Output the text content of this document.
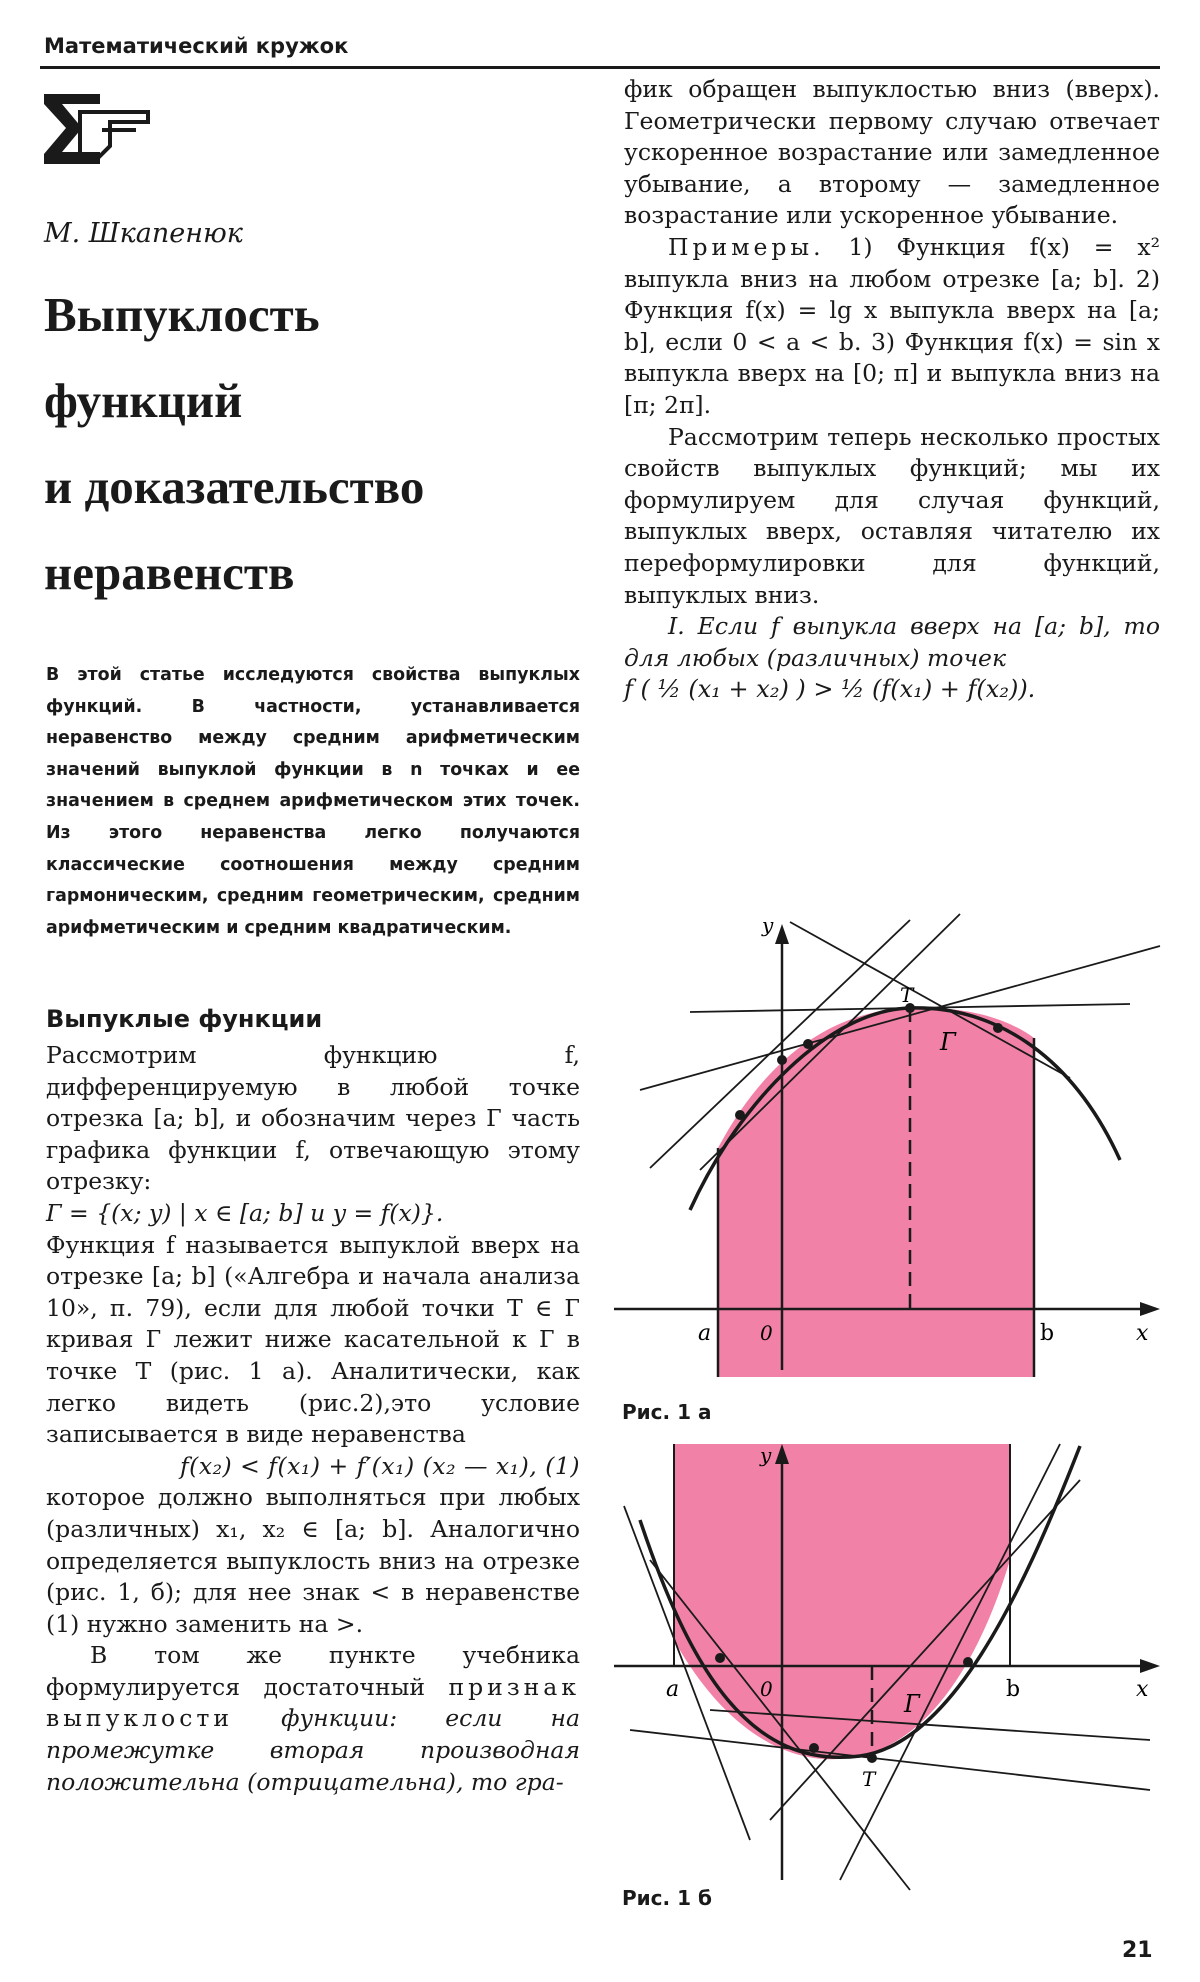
Математический кружок
М. Шкапенюк
Выпуклость
функций
и доказательство
неравенств
В этой статье исследуются свойства выпуклых функций. В частности, устанавливается неравенство между средним арифметическим значений выпуклой функции в n точках и ее значением в среднем арифметическом этих точек. Из этого неравенства легко получаются классические соотношения между средним гармоническим, средним геометрическим, средним арифметическим и средним квадратическим.
Выпуклые функции

Рассмотрим функцию f, дифференцируемую в любой точке отрезка [a; b], и обозначим через Г часть графика функции f, отвечающую этому отрезку:

Г = {(x; y) | x ∈ [a; b] и y = f(x)}.

Функция f называется выпуклой вверх на отрезке [a; b] («Алгебра и начала анализа 10», п. 79), если для любой точки T ∈ Г кривая Г лежит ниже касательной к Г в точке T (рис. 1 а). Аналитически, как легко видеть (рис.2),это условие записывается в виде неравенства

f(x₂) < f(x₁) + f′(x₁) (x₂ — x₁), (1)

которое должно выполняться при любых (различных) x₁, x₂ ∈ [a; b]. Аналогично определяется выпуклость вниз на отрезке (рис. 1, б); для нее знак < в неравенстве (1) нужно заменить на >.

В том же пункте учебника формулируется достаточный признак выпуклости функции: если на промежутке вторая производная положительна (отрицательна), то гра-

фик обращен выпуклостью вниз (вверх). Геометрически первому случаю отвечает ускоренное возрастание или замедленное убывание, а второму — замедленное возрастание или ускоренное убывание.

Примеры. 1) Функция f(x) = x² выпукла вниз на любом отрезке [a; b]. 2) Функция f(x) = lg x выпукла вверх на [a; b], если 0 < a < b. 3) Функция f(x) = sin x выпукла вверх на [0; π] и выпукла вниз на [π; 2π].

Рассмотрим теперь несколько простых свойств выпуклых функций; мы их формулируем для случая функций, выпуклых вверх, оставляя читателю их переформулировки для функций, выпуклых вниз.

I. Если f выпукла вверх на [a; b], то для любых (различных) точек

f ( ½ (x₁ + x₂) ) > ½ (f(x₁) + f(x₂)).

y
x
a 0	b
T
Г
Рис. 1 а
y
x
a	0	b
T
Г
Рис. 1 б
21
